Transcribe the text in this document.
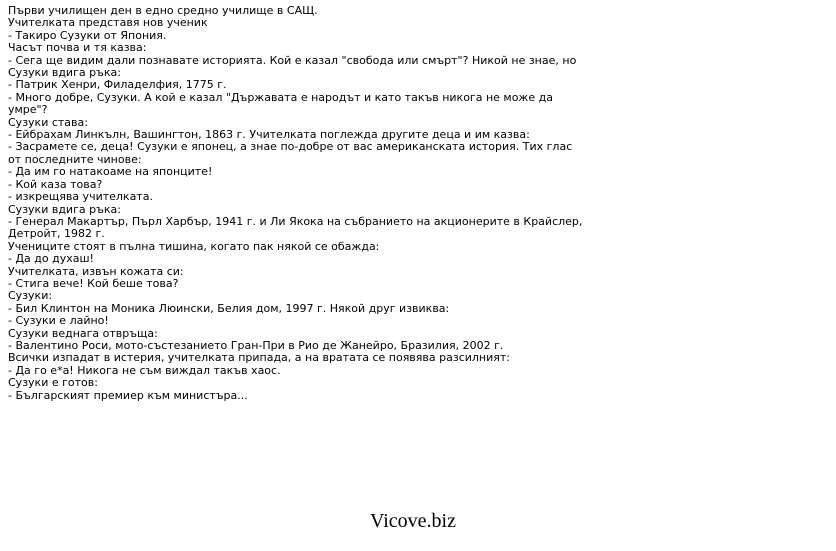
Първи училищен ден в едно средно училище в САЩ.
Учителката представя нов ученик
- Такиро Сузуки от Япония.
Часът почва и тя казва:
- Сега ще видим дали познавате историята. Кой е казал "свобода или смърт"? Никой не знае, но Сузуки вдига ръка:
- Патрик Хенри, Филаделфия, 1775 г.
- Много добре, Сузуки. А кой е казал "Държавата е народът и като такъв никога не може да умре"?
Сузуки става:
- Ейбрахам Линкълн, Вашингтон, 1863 г. Учителката поглежда другите деца и им казва:
- Засрамете се, деца! Сузуки е японец, а знае по-добре от вас американската история. Тих глас от последните чинове:
- Да им го натакоаме на японците!
- Кой каза това?
- изкрещява учителката.
Сузуки вдига ръка:
- Генерал Макартър, Пърл Харбър, 1941 г. и Ли Якока на събранието на акционерите в Крайслер, Детройт, 1982 г.
Учениците стоят в пълна тишина, когато пак някой се обажда:
- Да до духаш!
Учителката, извън кожата си:
- Стига вече! Кой беше това?
Сузуки:
- Бил Клинтон на Моника Люински, Белия дом, 1997 г. Някой друг извиква:
- Сузуки е лайно!
Сузуки веднага отвръща:
- Валентино Роси, мото-състезанието Гран-При в Рио де Жанейро, Бразилия, 2002 г.
Всички изпадат в истерия, учителката припада, а на вратата се появява разсилният:
- Да го е*а! Никога не съм виждал такъв хаос.
Сузуки е готов:
- Българският премиер към министъра...
Vicove.biz
